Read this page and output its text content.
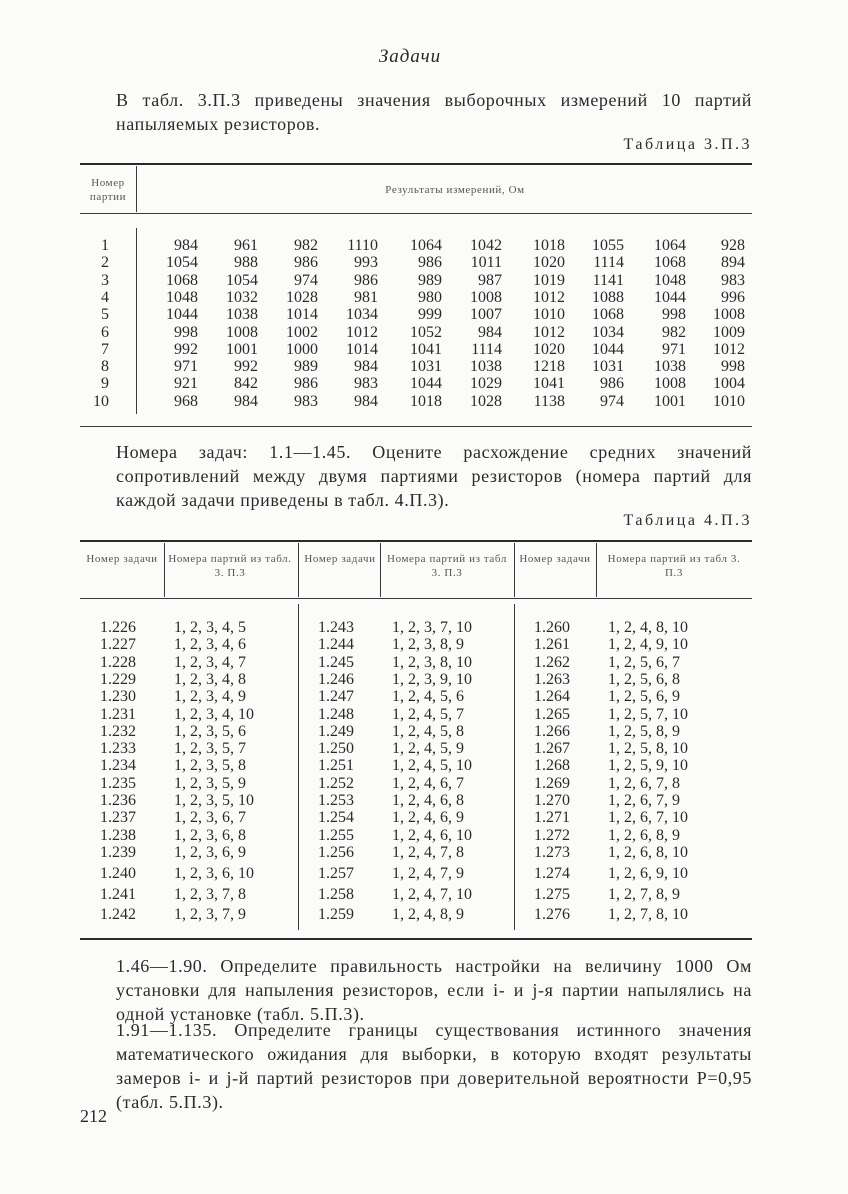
Задачи
В табл. 3.П.3 приведены значения выборочных измерений 10 партий напыляемых резисторов.
Таблица 3.П.3
Номер партии
Результаты измерений, Ом
1
2
3
4
5
6
7
8
9
10
984
1054
1068
1048
1044
998
992
971
921
968
961
988
1054
1032
1038
1008
1001
992
842
984
982
986
974
1028
1014
1002
1000
989
986
983
1110
993
986
981
1034
1012
1014
984
983
984
1064
986
989
980
999
1052
1041
1031
1044
1018
1042
1011
987
1008
1007
984
1114
1038
1029
1028
1018
1020
1019
1012
1010
1012
1020
1218
1041
1138
1055
1114
1141
1088
1068
1034
1044
1031
986
974
1064
1068
1048
1044
998
982
971
1038
1008
1001
928
894
983
996
1008
1009
1012
998
1004
1010
Номера задач: 1.1—1.45. Оцените расхождение средних значений сопротивлений между двумя партиями резисторов (номера партий для каждой задачи приведены в табл. 4.П.3).
Таблица 4.П.3
Номер задачи Номера партий из табл. 3. П.3
Номер задачи	Номера партий из табл 3. П.3
Номер задачи	Номера партий из табл 3. П.3
1.226 1, 2, 3, 4, 5
1.227 1, 2, 3, 4, 6
1.228 1, 2, 3, 4, 7
1.229 1, 2, 3, 4, 8
1.230 1, 2, 3, 4, 9
1.231 1, 2, 3, 4, 10
1.232 1, 2, 3, 5, 6
1.233 1, 2, 3, 5, 7
1.234 1, 2, 3, 5, 8
1.235 1, 2, 3, 5, 9
1.236 1, 2, 3, 5, 10
1.237 1, 2, 3, 6, 7
1.238 1, 2, 3, 6, 8
1.239 1, 2, 3, 6, 9
1.240 1, 2, 3, 6, 10
1.241 1, 2, 3, 7, 8
1.242 1, 2, 3, 7, 9
1.243 1, 2, 3, 7, 10
1.244 1, 2, 3, 8, 9
1.245 1, 2, 3, 8, 10
1.246 1, 2, 3, 9, 10
1.247 1, 2, 4, 5, 6
1.248 1, 2, 4, 5, 7
1.249 1, 2, 4, 5, 8
1.250 1, 2, 4, 5, 9
1.251 1, 2, 4, 5, 10
1.252 1, 2, 4, 6, 7
1.253 1, 2, 4, 6, 8
1.254 1, 2, 4, 6, 9
1.255 1, 2, 4, 6, 10
1.256 1, 2, 4, 7, 8
1.257 1, 2, 4, 7, 9
1.258 1, 2, 4, 7, 10
1.259 1, 2, 4, 8, 9
1.260 1, 2, 4, 8, 10
1.261 1, 2, 4, 9, 10
1.262 1, 2, 5, 6, 7
1.263 1, 2, 5, 6, 8
1.264 1, 2, 5, 6, 9
1.265 1, 2, 5, 7, 10
1.266 1, 2, 5, 8, 9
1.267 1, 2, 5, 8, 10
1.268 1, 2, 5, 9, 10
1.269 1, 2, 6, 7, 8
1.270 1, 2, 6, 7, 9
1.271 1, 2, 6, 7, 10
1.272 1, 2, 6, 8, 9
1.273 1, 2, 6, 8, 10
1.274 1, 2, 6, 9, 10
1.275 1, 2, 7, 8, 9
1.276 1, 2, 7, 8, 10
1.46—1.90. Определите правильность настройки на величину 1000 Ом установки для напыления резисторов, если i- и j-я партии напылялись на одной установке (табл. 5.П.3).
1.91—1.135. Определите границы существования истинного значения математического ожидания для выборки, в которую входят результаты замеров i- и j-й партий резисторов при доверительной вероятности P=0,95 (табл. 5.П.3).
212
